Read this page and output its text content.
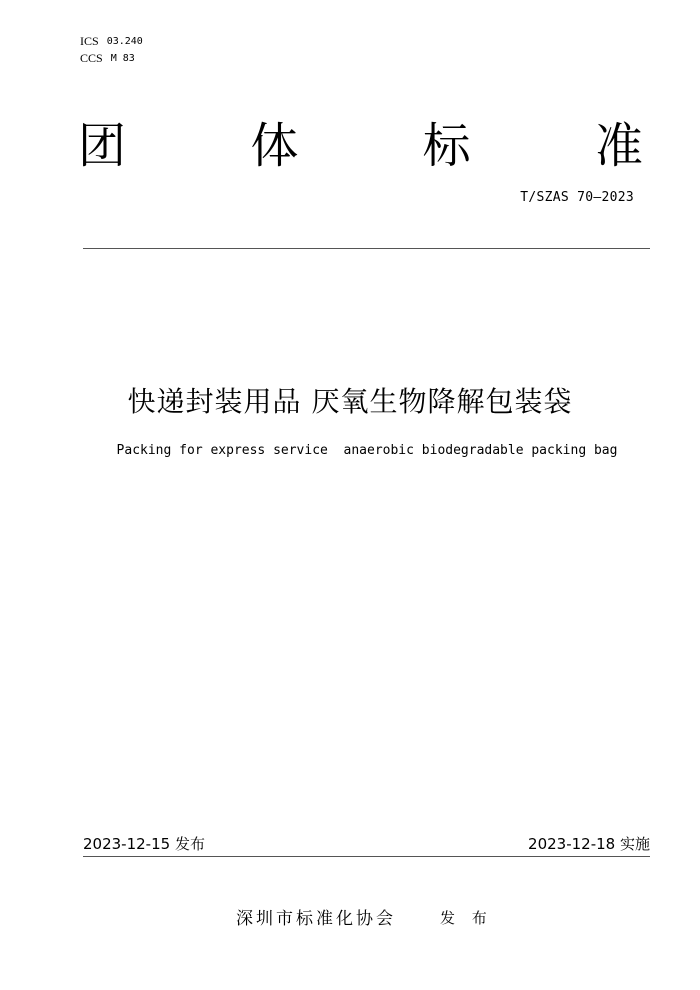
ICS 03.240
CCS M 83
团	体	标	准
T/SZAS 70—2023
快递封装用品 厌氧生物降解包装袋
Packing for express service  anaerobic biodegradable packing bag
2023-12-15 发布	2023-12-18 实施
深圳市标准化协会	发 布
